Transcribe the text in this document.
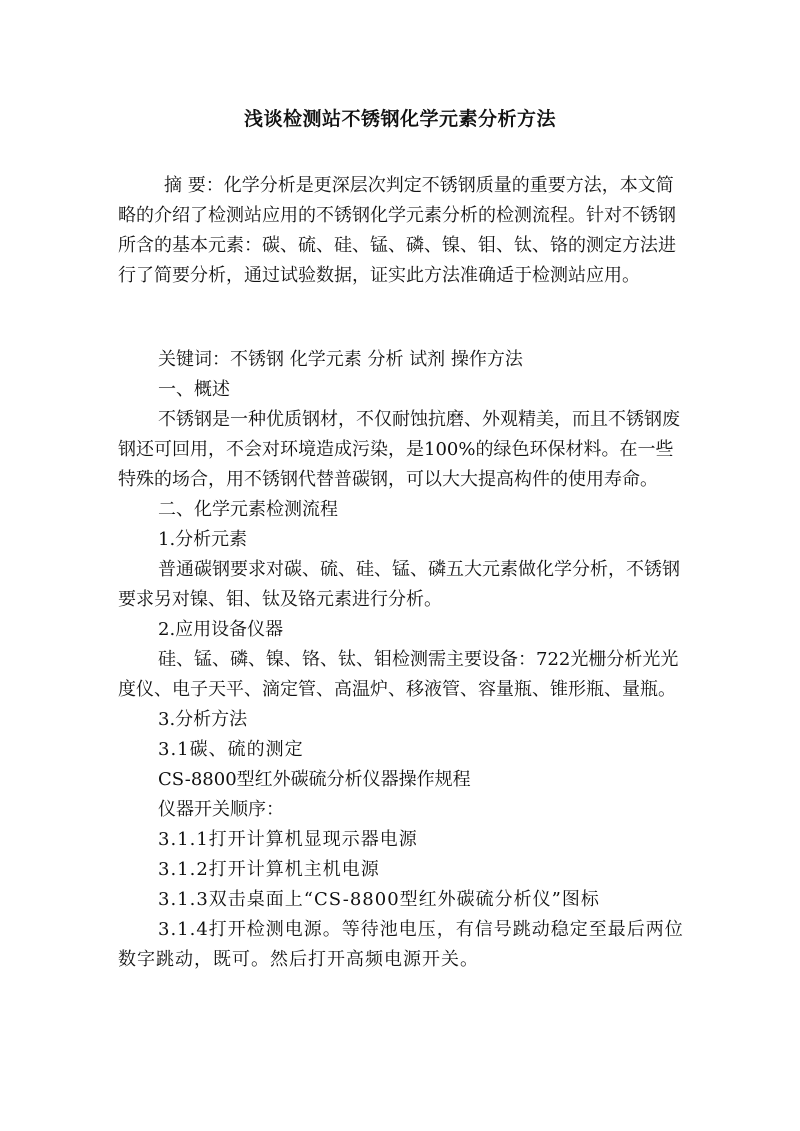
浅谈检测站不锈钢化学元素分析方法
摘 要：化学分析是更深层次判定不锈钢质量的重要方法，本文简略的介绍了检测站应用的不锈钢化学元素分析的检测流程。针对不锈钢所含的基本元素：碳、硫、硅、锰、磷、镍、钼、钛、铬的测定方法进行了简要分析，通过试验数据，证实此方法准确适于检测站应用。

关键词：不锈钢 化学元素 分析 试剂 操作方法

一、概述

不锈钢是一种优质钢材，不仅耐蚀抗磨、外观精美，而且不锈钢废钢还可回用，不会对环境造成污染，是100%的绿色环保材料。在一些特殊的场合，用不锈钢代替普碳钢，可以大大提高构件的使用寿命。

二、化学元素检测流程

1.分析元素

普通碳钢要求对碳、硫、硅、锰、磷五大元素做化学分析，不锈钢要求另对镍、钼、钛及铬元素进行分析。

2.应用设备仪器

硅、锰、磷、镍、铬、钛、钼检测需主要设备：722光栅分析光光度仪、电子天平、滴定管、高温炉、移液管、容量瓶、锥形瓶、量瓶。

3.分析方法

3.1碳、硫的测定

CS-8800型红外碳硫分析仪器操作规程

仪器开关顺序：

3.1.1打开计算机显现示器电源

3.1.2打开计算机主机电源

3.1.3双击桌面上“CS-8800型红外碳硫分析仪”图标

3.1.4打开检测电源。等待池电压，有信号跳动稳定至最后两位数字跳动，既可。然后打开高频电源开关。
